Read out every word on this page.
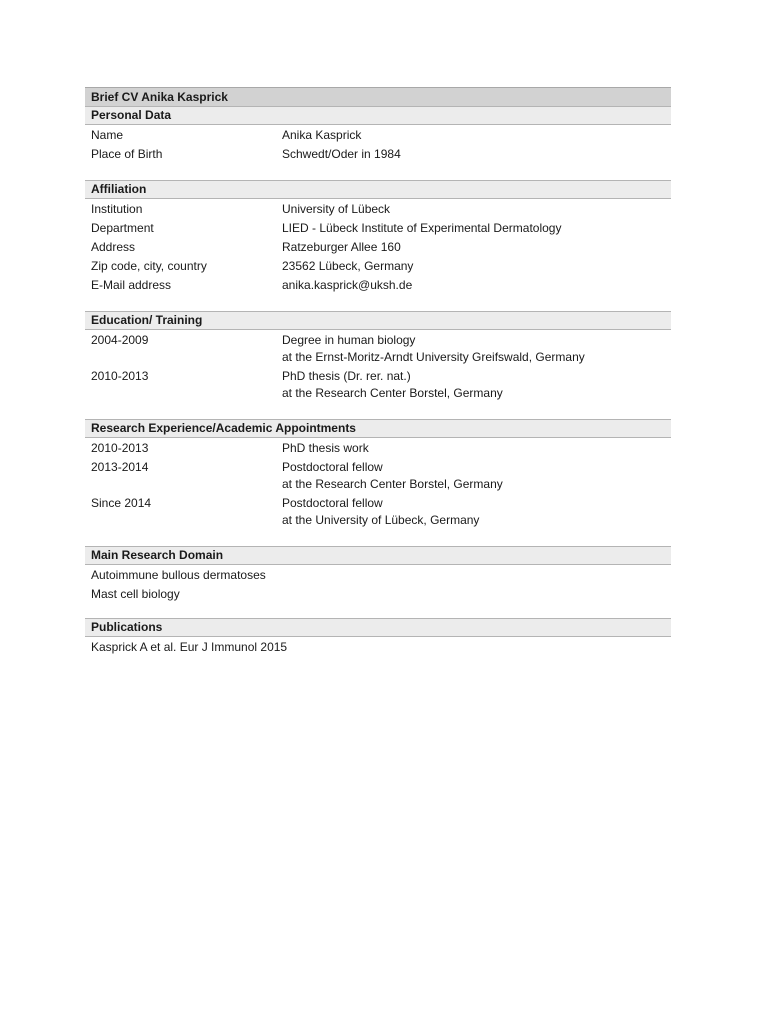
Brief CV Anika Kasprick
Personal Data
Name	Anika Kasprick
Place of Birth	Schwedt/Oder in 1984
Affiliation
Institution	University of Lübeck
Department	LIED - Lübeck Institute of Experimental Dermatology
Address	Ratzeburger Allee 160
Zip code, city, country	23562 Lübeck, Germany
E-Mail address	anika.kasprick@uksh.de
Education/ Training
2004-2009	Degree in human biology
at the Ernst-Moritz-Arndt University Greifswald, Germany
2010-2013	PhD thesis (Dr. rer. nat.)
at the Research Center Borstel, Germany
Research Experience/Academic Appointments
2010-2013	PhD thesis work
2013-2014	Postdoctoral fellow
at the Research Center Borstel, Germany
Since 2014	Postdoctoral fellow
at the University of Lübeck, Germany
Main Research Domain
Autoimmune bullous dermatoses
Mast cell biology
Publications
Kasprick A et al. Eur J Immunol 2015
